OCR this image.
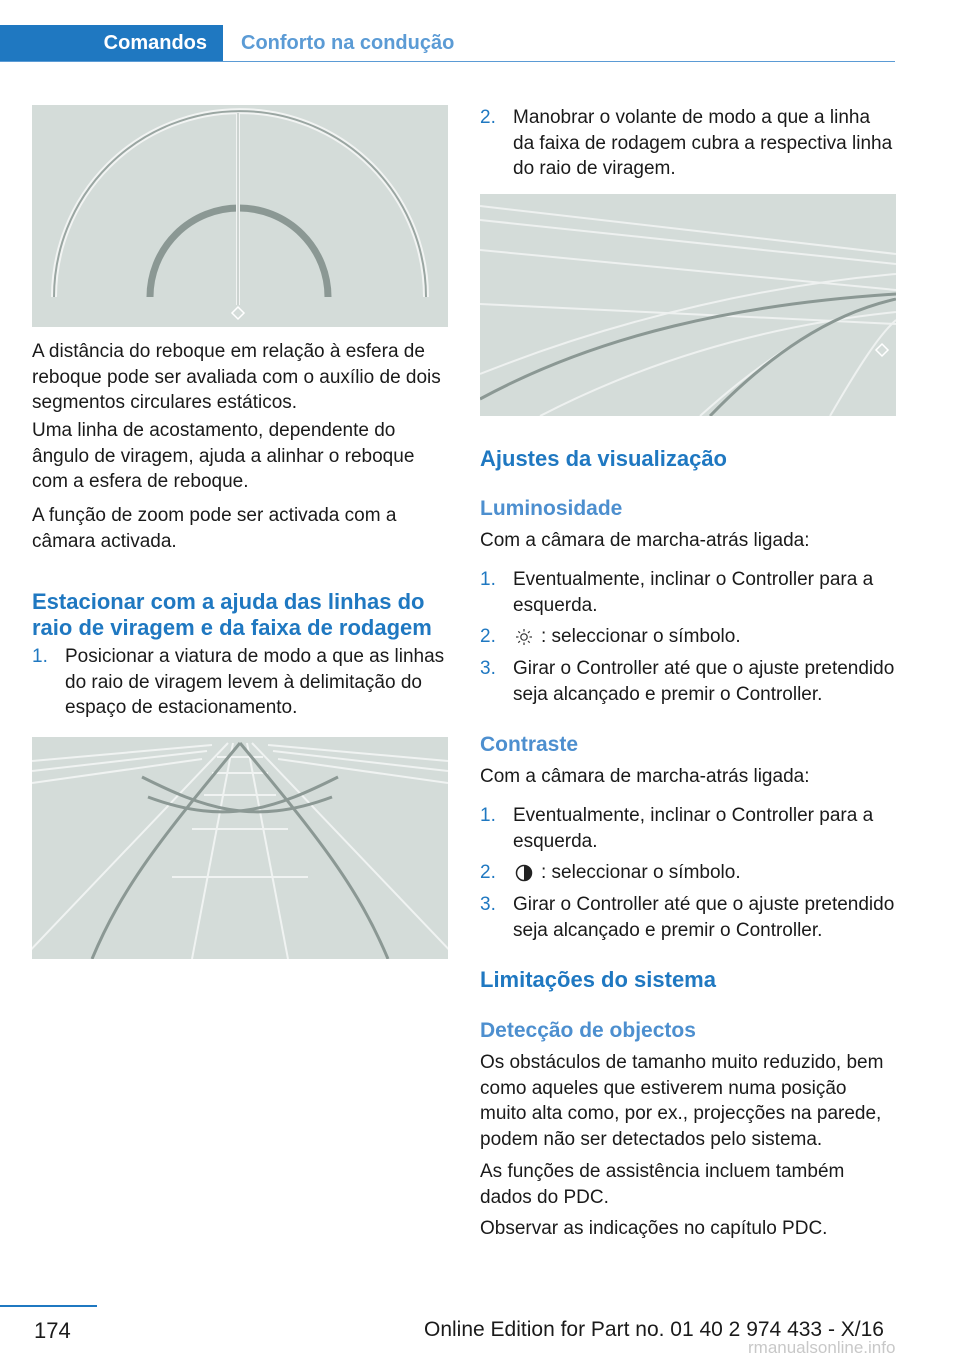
Comandos	Conforto na condução

A distância do reboque em relação à esfera de reboque pode ser avaliada com o auxílio de dois segmentos circulares estáticos.

Uma linha de acostamento, dependente do ângulo de viragem, ajuda a alinhar o reboque com a esfera de reboque.

A função de zoom pode ser activada com a câmara activada.

Estacionar com a ajuda das linhas do raio de viragem e da faixa de rodagem
1. Posicionar a viatura de modo a que as linhas do raio de viragem levem à delimitação do espaço de estacionamento.
2. Manobrar o volante de modo a que a linha da faixa de rodagem cubra a respectiva linha do raio de viragem.
Ajustes da visualização
Luminosidade

Com a câmara de marcha-atrás ligada:

1. Eventualmente, inclinar o Controller para a esquerda.
2.	: seleccionar o símbolo.
3. Girar o Controller até que o ajuste pretendido seja alcançado e premir o Controller.
Contraste

Com a câmara de marcha-atrás ligada:

1. Eventualmente, inclinar o Controller para a esquerda.
2.	: seleccionar o símbolo.
3. Girar o Controller até que o ajuste pretendido seja alcançado e premir o Controller.
Limitações do sistema
Detecção de objectos

Os obstáculos de tamanho muito reduzido, bem como aqueles que estiverem numa posição muito alta como, por ex., projecções na parede, podem não ser detectados pelo sistema.

As funções de assistência incluem também dados do PDC.

Observar as indicações no capítulo PDC.

174	Online Edition for Part no. 01 40 2 974 433 - X/16
rmanualsonline.info
